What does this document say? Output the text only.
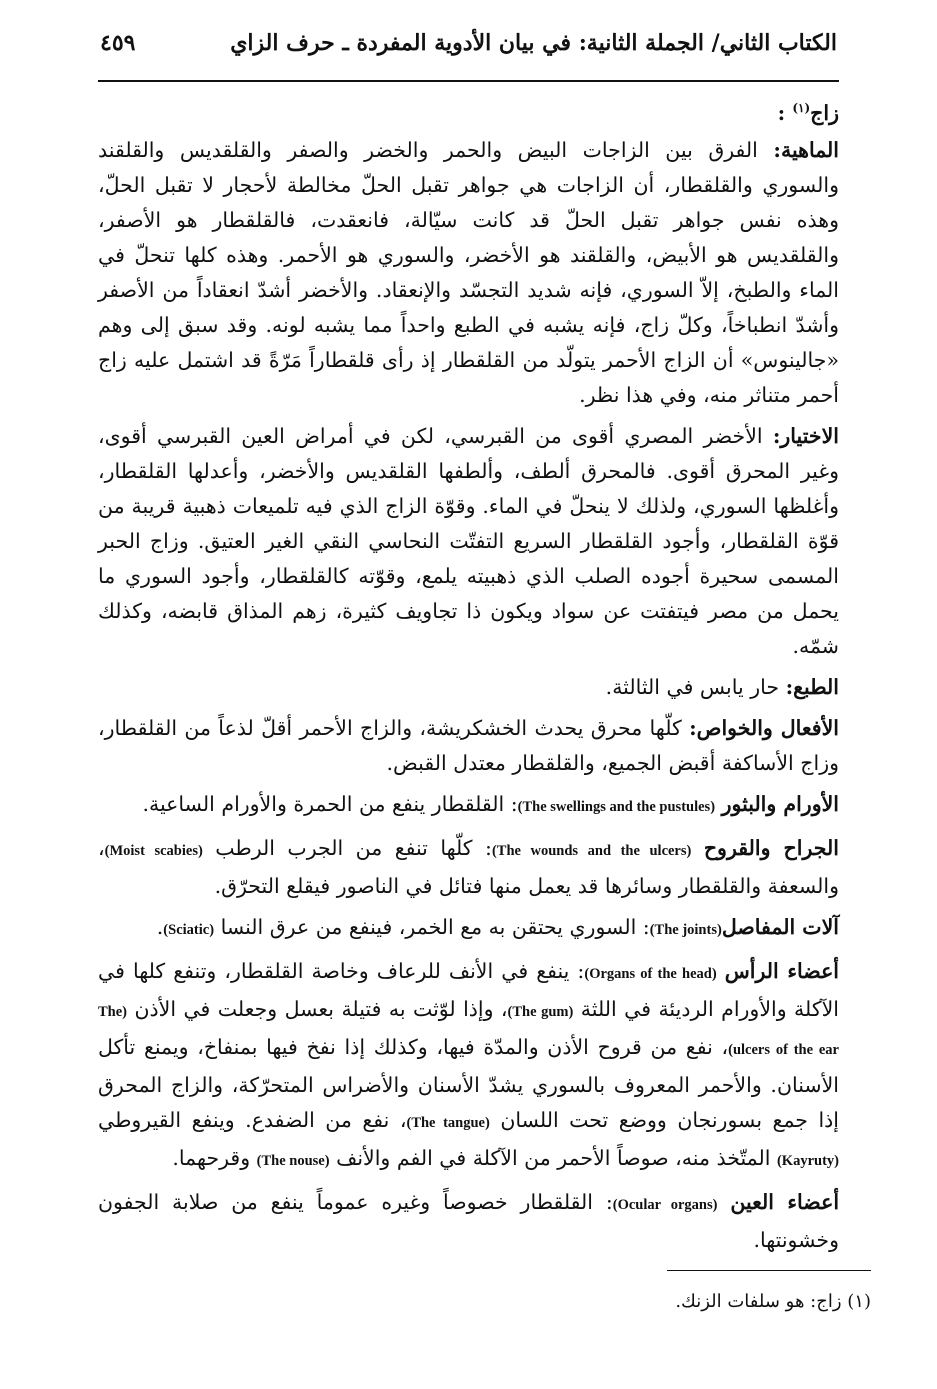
الكتاب الثاني/ الجملة الثانية: في بيان الأدوية المفردة ـ حرف الزاي
٤٥٩

زاج$^{(١)}$ :

الماهية: الفرق بين الزاجات البيض والحمر والخضر والصفر والقلقديس والقلقند والسوري والقلقطار، أن الزاجات هي جواهر تقبل الحلّ مخالطة لأحجار لا تقبل الحلّ، وهذه نفس جواهر تقبل الحلّ قد كانت سيّالة، فانعقدت، فالقلقطار هو الأصفر، والقلقديس هو الأبيض، والقلقند هو الأخضر، والسوري هو الأحمر. وهذه كلها تنحلّ في الماء والطبخ، إلاّ السوري، فإنه شديد التجسّد والإنعقاد. والأخضر أشدّ انعقاداً من الأصفر وأشدّ انطباخاً، وكلّ زاج، فإنه يشبه في الطبع واحداً مما يشبه لونه. وقد سبق إلى وهم «جالينوس» أن الزاج الأحمر يتولّد من القلقطار إذ رأى قلقطاراً مَرّةً قد اشتمل عليه زاج أحمر متناثر منه، وفي هذا نظر.

الاختيار: الأخضر المصري أقوى من القبرسي، لكن في أمراض العين القبرسي أقوى، وغير المحرق أقوى. فالمحرق ألطف، وألطفها القلقديس والأخضر، وأعدلها القلقطار، وأغلظها السوري، ولذلك لا ينحلّ في الماء. وقوّة الزاج الذي فيه تلميعات ذهبية قريبة من قوّة القلقطار، وأجود القلقطار السريع التفتّت النحاسي النقي الغير العتيق. وزاج الحبر المسمى سحيرة أجوده الصلب الذي ذهبيته يلمع، وقوّته كالقلقطار، وأجود السوري ما يحمل من مصر فيتفتت عن سواد ويكون ذا تجاويف كثيرة، زهم المذاق قابضه، وكذلك شمّه.

الطبع: حار يابس في الثالثة.

الأفعال والخواص: كلّها محرق يحدث الخشكريشة، والزاج الأحمر أقلّ لذعاً من القلقطار، وزاج الأساكفة أقبض الجميع، والقلقطار معتدل القبض.

الأورام والبثور (The swellings and the pustules): القلقطار ينفع من الحمرة والأورام الساعية.

الجراح والقروح (The wounds and the ulcers): كلّها تنفع من الجرب الرطب (Moist scabies)، والسعفة والقلقطار وسائرها قد يعمل منها فتائل في الناصور فيقلع التحرّق.

آلات المفاصل(The joints): السوري يحتقن به مع الخمر، فينفع من عرق النسا (Sciatic).

أعضاء الرأس (Organs of the head): ينفع في الأنف للرعاف وخاصة القلقطار، وتنفع كلها في الآكلة والأورام الرديئة في اللثة (The gum)، وإذا لوّثت به فتيلة بعسل وجعلت في الأذن (The ulcers of the ear)، نفع من قروح الأذن والمدّة فيها، وكذلك إذا نفخ فيها بمنفاخ، ويمنع تأكل الأسنان. والأحمر المعروف بالسوري يشدّ الأسنان والأضراس المتحرّكة، والزاج المحرق إذا جمع بسورنجان ووضع تحت اللسان (The tangue)، نفع من الضفدع. وينفع القيروطي (Kayruty) المتّخذ منه، صوصاً الأحمر من الآكلة في الفم والأنف (The nouse) وقرحهما.

أعضاء العين (Ocular organs): القلقطار خصوصاً وغيره عموماً ينفع من صلابة الجفون وخشونتها.

(١) زاج: هو سلفات الزنك.
